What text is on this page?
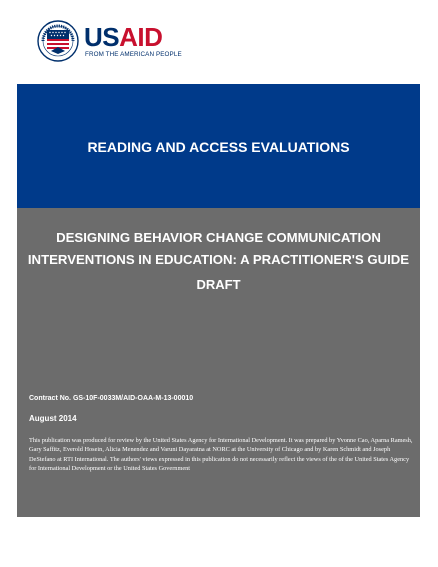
USAID
FROM THE AMERICAN PEOPLE
READING AND ACCESS EVALUATIONS
DESIGNING BEHAVIOR CHANGE COMMUNICATION
INTERVENTIONS IN EDUCATION: A PRACTITIONER'S GUIDE
DRAFT
Contract No. GS-10F-0033M/AID-OAA-M-13-00010
August 2014
This publication was produced for review by the United States Agency for International Development. It was prepared by Yvonne Cao, Aparna Ramesh, Gary Saffitz, Everold Hosein, Alicia Menendez and Varuni Dayaratna at NORC at the University of Chicago and by Karen Schmidt and Joseph DeStefano at RTI International. The authors' views expressed in this publication do not necessarily reflect the views of the of the United States Agency for International Development or the United States Government
